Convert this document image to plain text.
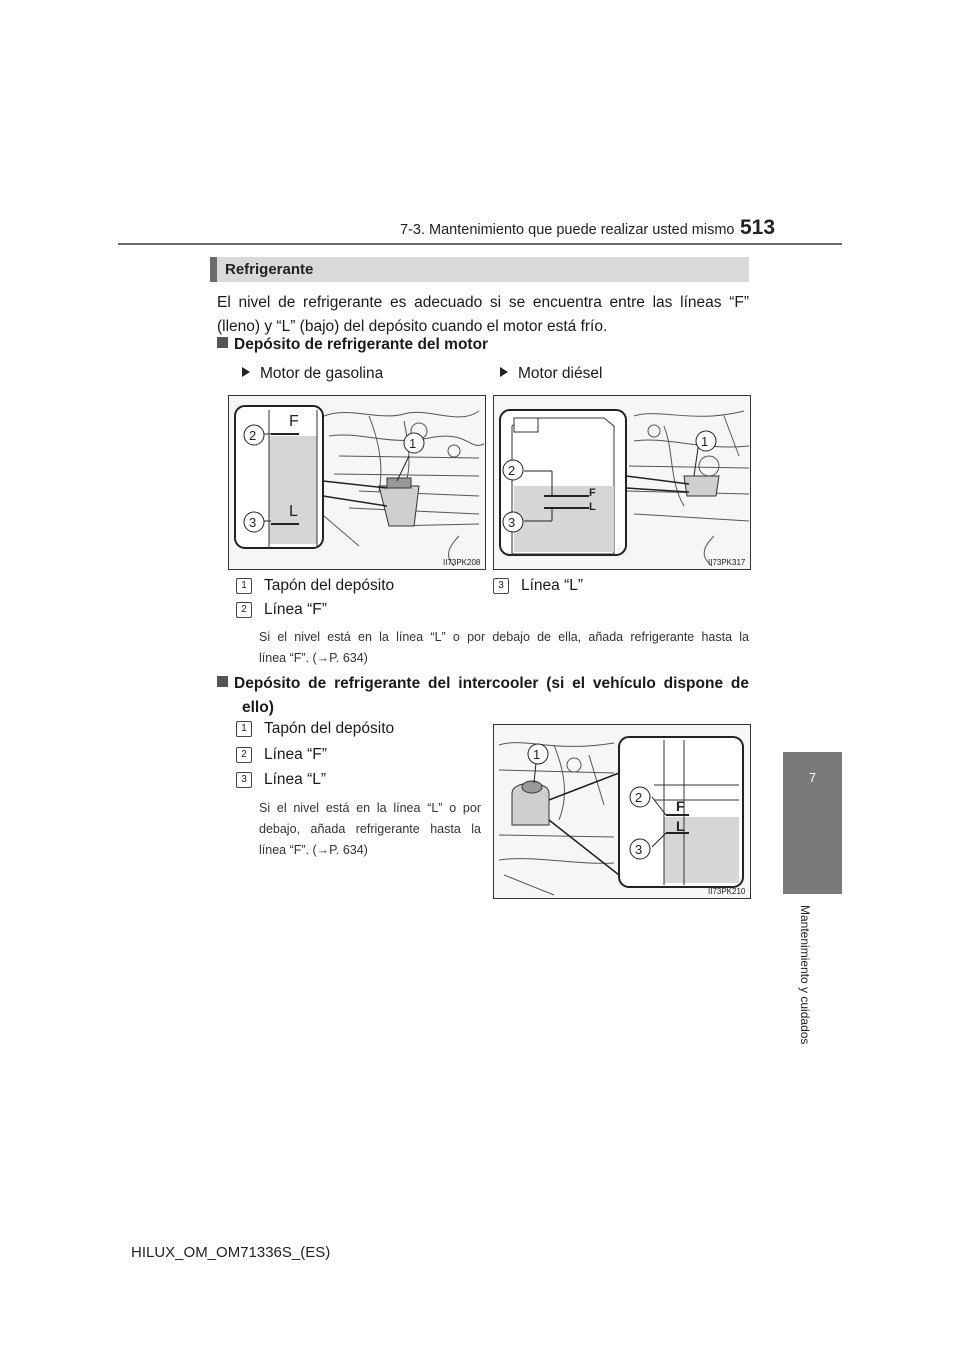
7-3. Mantenimiento que puede realizar usted mismo 513
7
Mantenimiento y cuidados
Refrigerante
El nivel de refrigerante es adecuado si se encuentra entre las líneas “F”
(lleno) y “L” (bajo) del depósito cuando el motor está frío.
Depósito de refrigerante del motor
Motor de gasolina	Motor diésel
F
L
2
3
1
II73PK208
F
L
2
3
1
II73PK317
1 Tapón del depósito	3 Línea “L”
2 Línea “F”
Si el nivel está en la línea “L” o por debajo de ella, añada refrigerante hasta la
línea “F”. (→P. 634)
Depósito de refrigerante del intercooler (si el vehículo dispone de
ello)
1 Tapón del depósito
2 Línea “F”
3 Línea “L”
Si el nivel está en la línea “L” o por
debajo, añada refrigerante hasta la
línea “F”. (→P. 634)
F
L
2
3
1
II73PK210
HILUX_OM_OM71336S_(ES)
